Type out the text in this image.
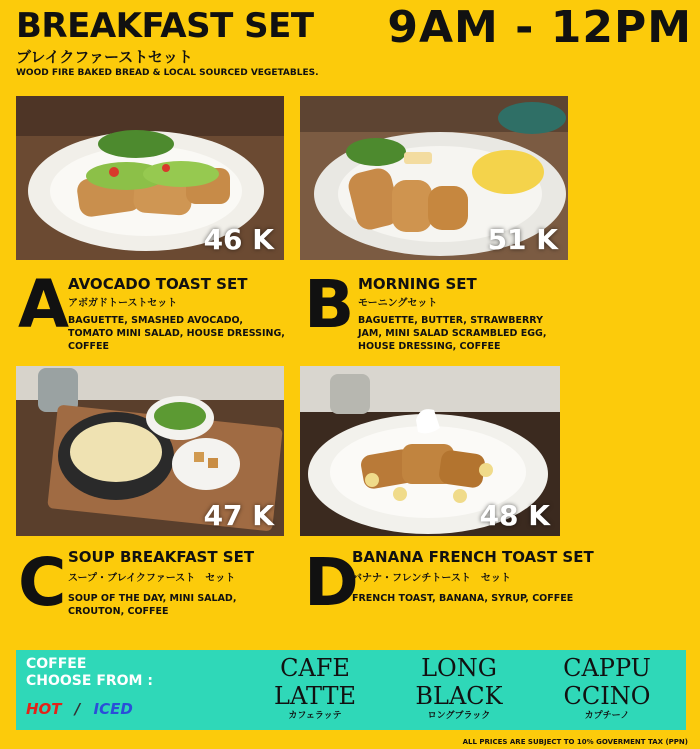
BREAKFAST SET
ブレイクファーストセット
WOOD FIRE BAKED BREAD & LOCAL SOURCED VEGETABLES.
9AM - 12PM
46 K	51 K
A
AVOCADO TOAST SET
アボガドトーストセット
BAGUETTE, SMASHED AVOCADO, TOMATO MINI SALAD, HOUSE DRESSING, COFFEE
B MORNING SET
モーニングセット
BAGUETTE, BUTTER, STRAWBERRY JAM, MINI SALAD SCRAMBLED EGG, HOUSE DRESSING, COFFEE
47 K	48 K
C SOUP BREAKFAST SET
スープ・ブレイクファースト　セット
SOUP OF THE DAY, MINI SALAD, CROUTON, COFFEE	D
BANANA FRENCH TOAST SET
バナナ・フレンチトースト　セット
FRENCH TOAST, BANANA, SYRUP, COFFEE
COFFEE
CHOOSE FROM :
HOT / ICED
CAFE
LATTE
カフェラッテ
LONG
BLACK
ロングブラック
CAPPU
CCINO
カプチーノ
ALL PRICES ARE SUBJECT TO 10% GOVERMENT TAX (PPN)
